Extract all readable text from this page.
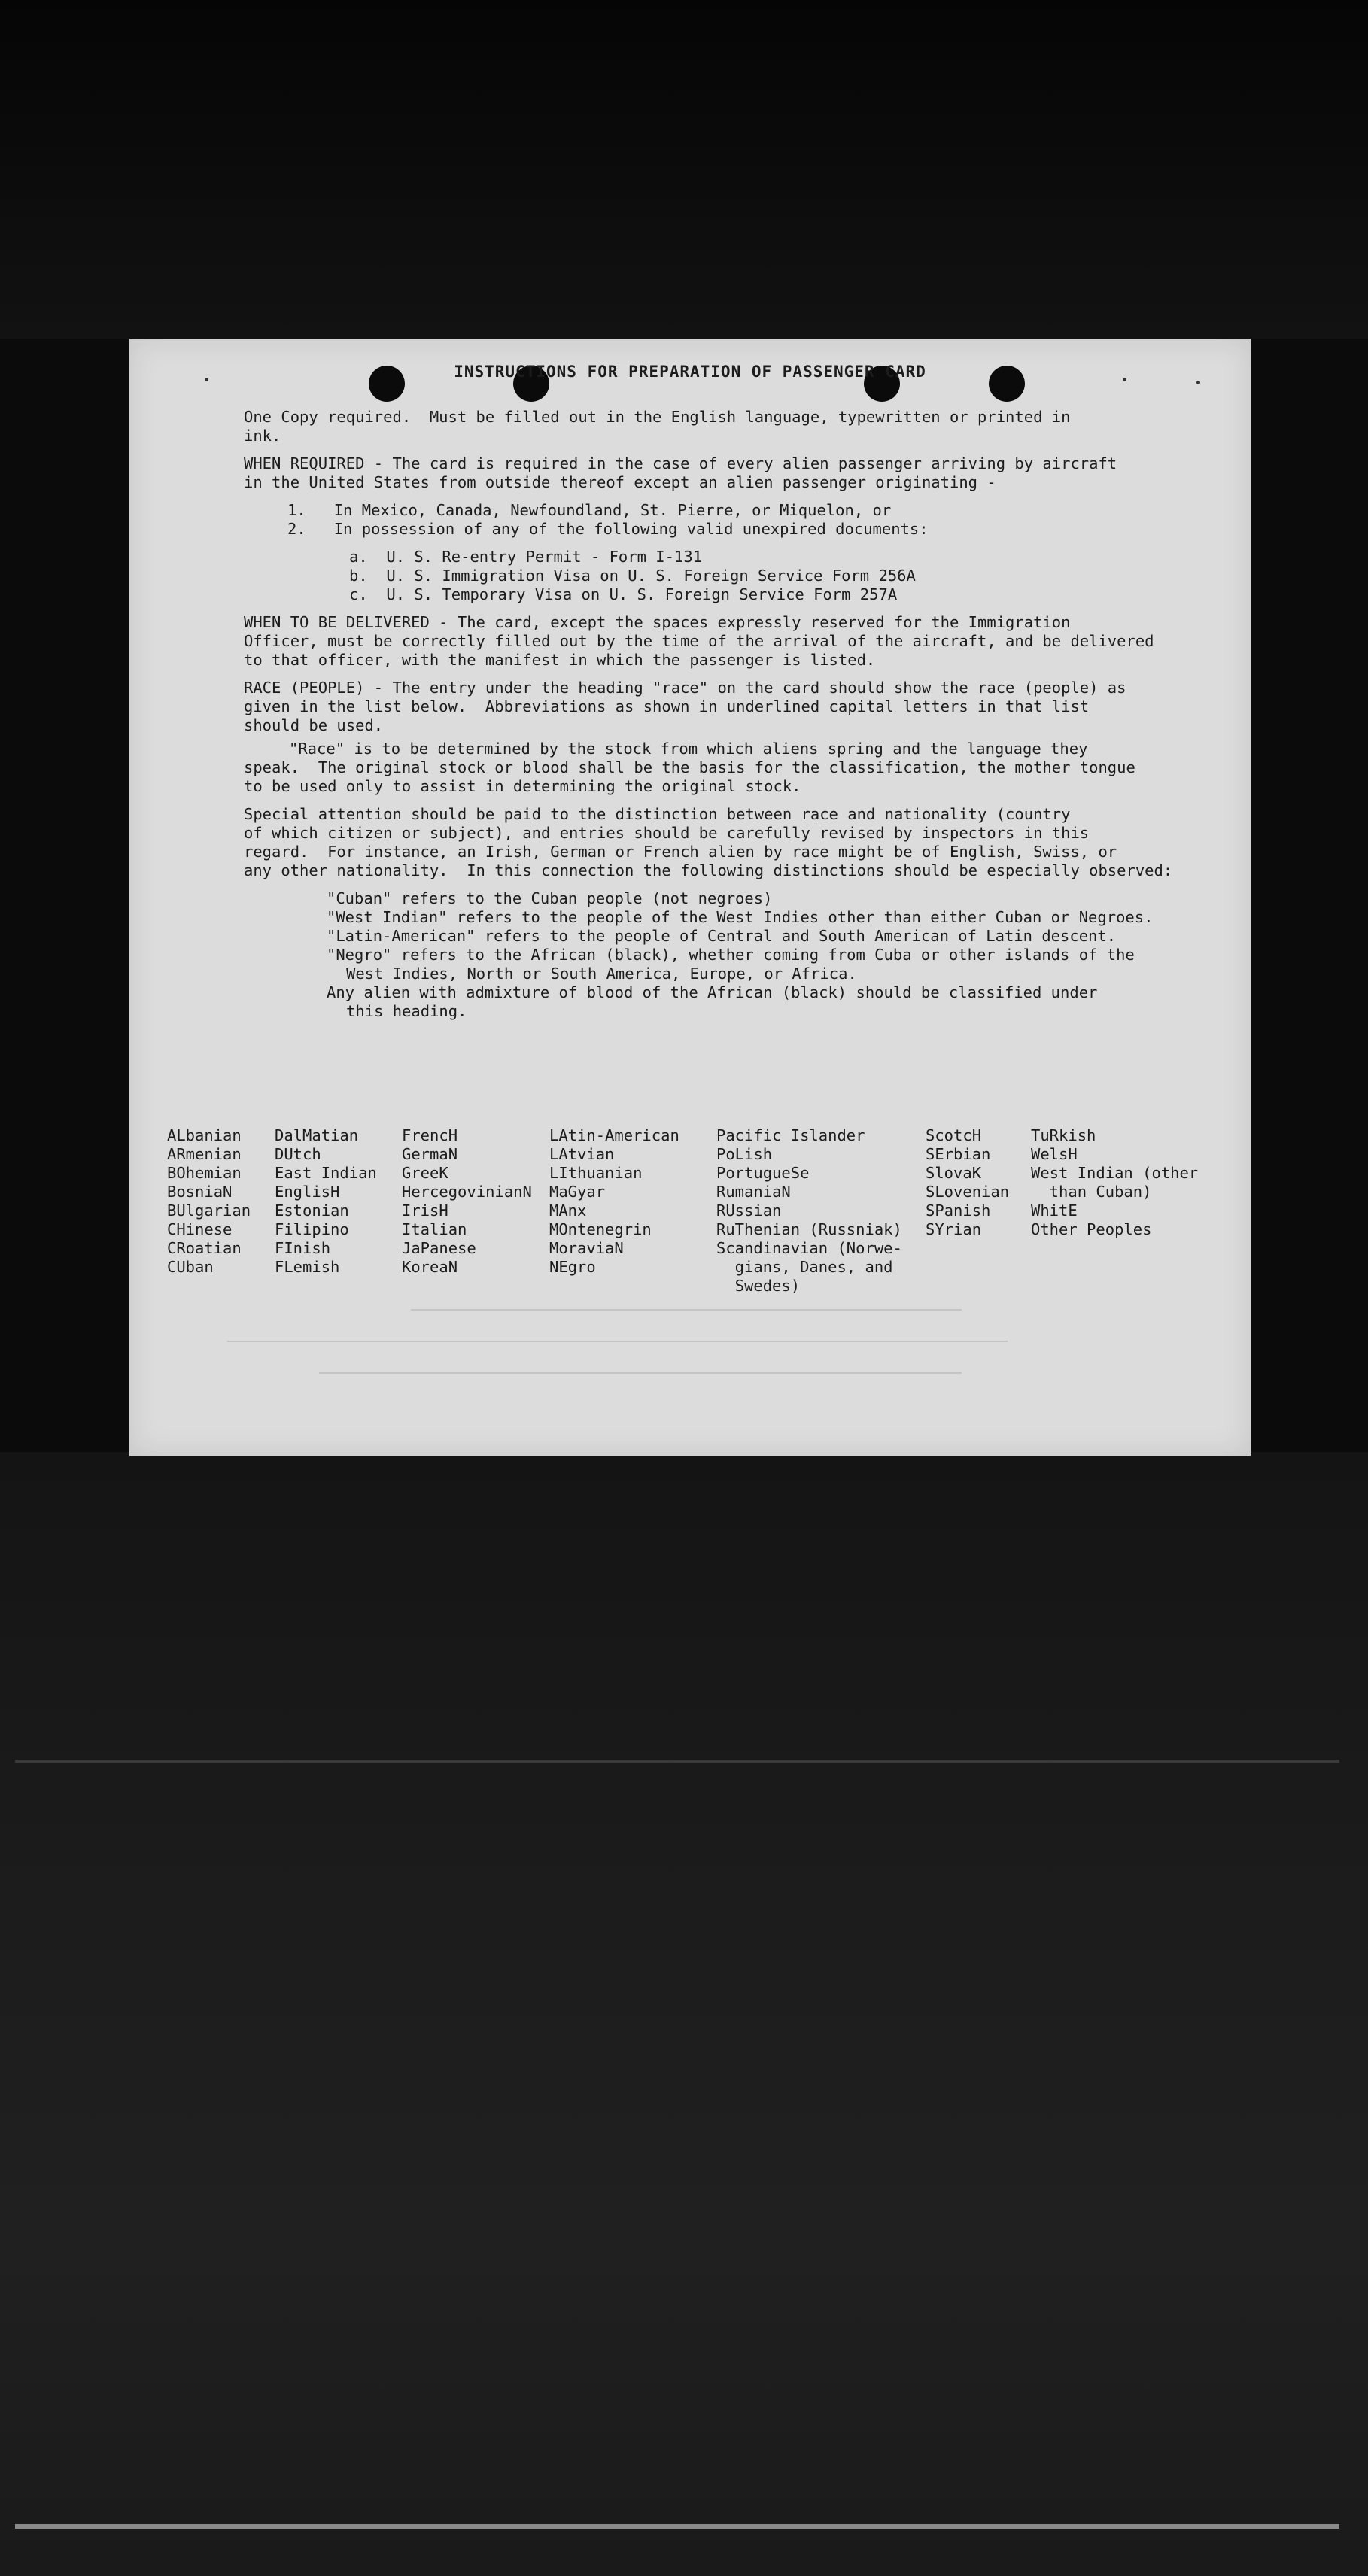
INSTRUCTIONS FOR PREPARATION OF PASSENGER CARD

One Copy required.  Must be filled out in the English language, typewritten or printed in
ink.

WHEN REQUIRED - The card is required in the case of every alien passenger arriving by aircraft
in the United States from outside thereof except an alien passenger originating -

1.   In Mexico, Canada, Newfoundland, St. Pierre, or Miquelon, or
2.   In possession of any of the following valid unexpired documents:
a.  U. S. Re-entry Permit - Form I-131
b.  U. S. Immigration Visa on U. S. Foreign Service Form 256A
c.  U. S. Temporary Visa on U. S. Foreign Service Form 257A

WHEN TO BE DELIVERED - The card, except the spaces expressly reserved for the Immigration
Officer, must be correctly filled out by the time of the arrival of the aircraft, and be delivered
to that officer, with the manifest in which the passenger is listed.

RACE (PEOPLE) - The entry under the heading "race" on the card should show the race (people) as
given in the list below.  Abbreviations as shown in underlined capital letters in that list
should be used.

"Race" is to be determined by the stock from which aliens spring and the language they
speak.  The original stock or blood shall be the basis for the classification, the mother tongue
to be used only to assist in determining the original stock.

Special attention should be paid to the distinction between race and nationality (country
of which citizen or subject), and entries should be carefully revised by inspectors in this
regard.  For instance, an Irish, German or French alien by race might be of English, Swiss, or
any other nationality.  In this connection the following distinctions should be especially observed:

"Cuban" refers to the Cuban people (not negroes)
"West Indian" refers to the people of the West Indies other than either Cuban or Negroes.
"Latin-American" refers to the people of Central and South American of Latin descent.
"Negro" refers to the African (black), whether coming from Cuba or other islands of the
West Indies, North or South America, Europe, or Africa.
Any alien with admixture of blood of the African (black) should be classified under
this heading.
ALbanian
ARmenian
BOhemian
BosniaN
BUlgarian
CHinese
CRoatian
CUban
DalMatian
DUtch
East Indian
EnglisH
Estonian
Filipino
FInish
FLemish
FrencH
GermaN
GreeK
HercegovinianN
IrisH
Italian
JaPanese
KoreaN
LAtin-American
LAtvian
LIthuanian
MaGyar
MAnx
MOntenegrin
MoraviaN
NEgro
Pacific Islander
PoLish
PortugueSe
RumaniaN
RUssian
RuThenian (Russniak)
Scandinavian (Norwe-
gians, Danes, and
Swedes)
ScotcH
SErbian
SlovaK
SLovenian
SPanish
SYrian
TuRkish
WelsH
West Indian (other
than Cuban)
WhitE
Other Peoples
